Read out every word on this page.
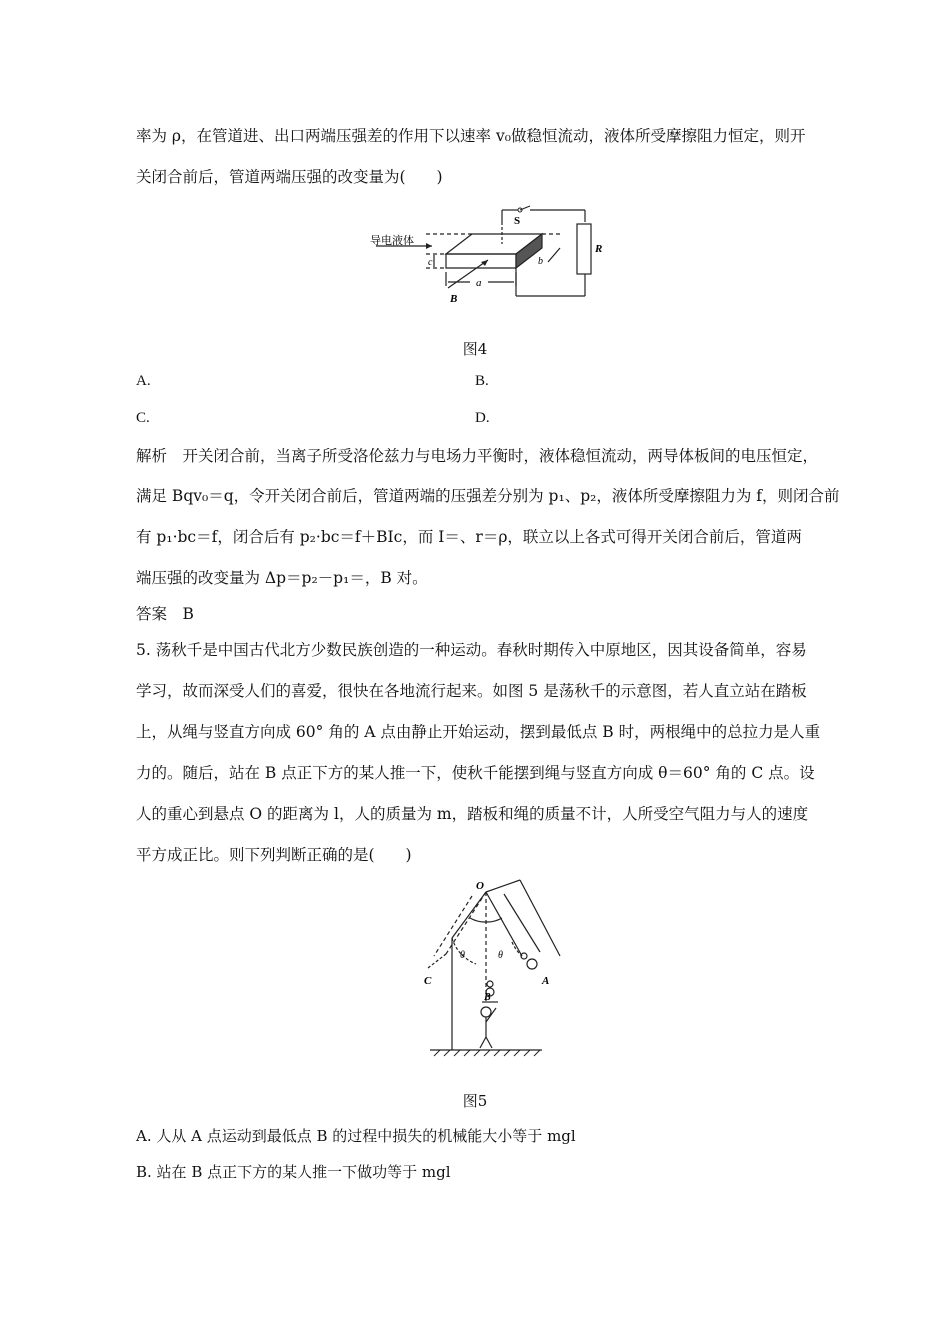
率为 ρ，在管道进、出口两端压强差的作用下以速率 v₀做稳恒流动，液体所受摩擦阻力恒定，则开
关闭合前后，管道两端压强的改变量为(　　)
导电液体
S
R
a
c	b
B
图4
A.	B.
C.	D.
解析　开关闭合前，当离子所受洛伦兹力与电场力平衡时，液体稳恒流动，两导体板间的电压恒定，
满足 Bqv₀＝q，令开关闭合前后，管道两端的压强差分别为 p₁、p₂，液体所受摩擦阻力为 f，则闭合前
有 p₁·bc＝f，闭合后有 p₂·bc＝f＋BIc，而 I＝、r＝ρ，联立以上各式可得开关闭合前后，管道两
端压强的改变量为 Δp＝p₂－p₁＝，B 对。
答案　B
5. 荡秋千是中国古代北方少数民族创造的一种运动。春秋时期传入中原地区，因其设备简单，容易
学习，故而深受人们的喜爱，很快在各地流行起来。如图 5 是荡秋千的示意图，若人直立站在踏板
上，从绳与竖直方向成 60° 角的 A 点由静止开始运动，摆到最低点 B 时，两根绳中的总拉力是人重
力的。随后，站在 B 点正下方的某人推一下，使秋千能摆到绳与竖直方向成 θ＝60° 角的 C 点。设
人的重心到悬点 O 的距离为 l，人的质量为 m，踏板和绳的质量不计，人所受空气阻力与人的速度
平方成正比。则下列判断正确的是(　　)
O
A
B
C
θ	θ
图5
A. 人从 A 点运动到最低点 B 的过程中损失的机械能大小等于 mgl
B. 站在 B 点正下方的某人推一下做功等于 mgl
